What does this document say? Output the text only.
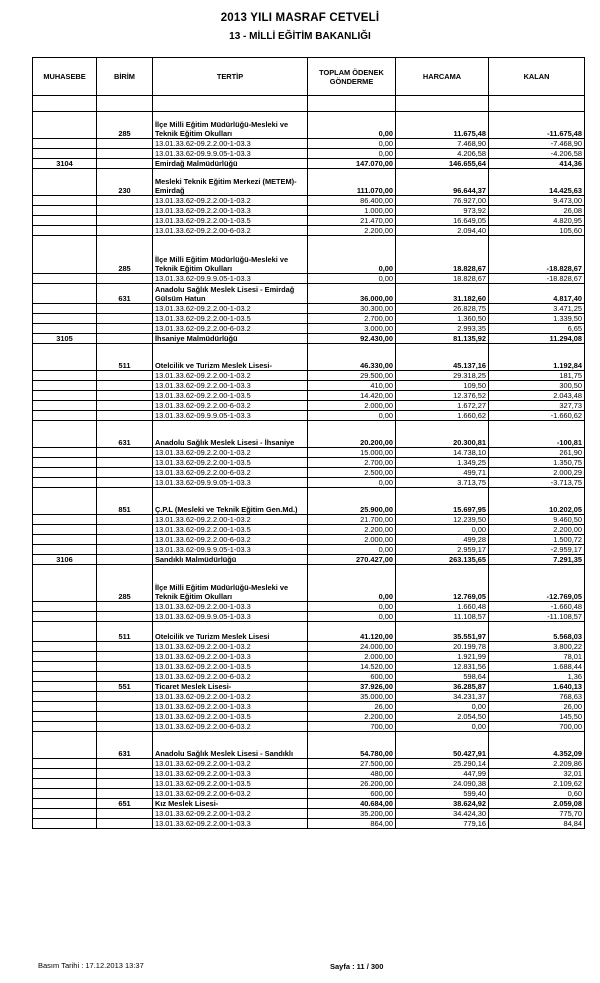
2013 YILI MASRAF CETVELİ
13 - MİLLİ EĞİTİM BAKANLIĞI
MUHASEBE	BİRİM	TERTİP	TOPLAM ÖDENEK GÖNDERME	HARCAMA	KALAN

	285	İlçe Milli Eğitim Müdürlüğü-Mesleki ve Teknik Eğitim Okulları	0,00	11.675,48	-11.675,48
		13.01.33.62-09.2.2.00-1-03.3	0,00	7.468,90	-7.468,90
		13.01.33.62-09.9.9.05-1-03.3	0,00	4.206,58	-4.206,58
3104		Emirdağ Malmüdürlüğü	147.070,00	146.655,64	414,36
	230	Mesleki Teknik Eğitim Merkezi (METEM)-Emirdağ	111.070,00	96.644,37	14.425,63
		13.01.33.62-09.2.2.00-1-03.2	86.400,00	76.927,00	9.473,00
		13.01.33.62-09.2.2.00-1-03.3	1.000,00	973,92	26,08
		13.01.33.62-09.2.2.00-1-03.5	21.470,00	16.649,05	4.820,95
		13.01.33.62-09.2.2.00-6-03.2	2.200,00	2.094,40	105,60
	285	İlçe Milli Eğitim Müdürlüğü-Mesleki ve Teknik Eğitim Okulları	0,00	18.828,67	-18.828,67
		13.01.33.62-09.9.9.05-1-03.3	0,00	18.828,67	-18.828,67
	631	Anadolu Sağlık Meslek Lisesi - Emirdağ Gülsüm Hatun	36.000,00	31.182,60	4.817,40
		13.01.33.62-09.2.2.00-1-03.2	30.300,00	26.828,75	3.471,25
		13.01.33.62-09.2.2.00-1-03.5	2.700,00	1.360,50	1.339,50
		13.01.33.62-09.2.2.00-6-03.2	3.000,00	2.993,35	6,65
3105		İhsaniye Malmüdürlüğü	92.430,00	81.135,92	11.294,08
	511	Otelcilik ve Turizm Meslek Lisesi-	46.330,00	45.137,16	1.192,84
		13.01.33.62-09.2.2.00-1-03.2	29.500,00	29.318,25	181,75
		13.01.33.62-09.2.2.00-1-03.3	410,00	109,50	300,50
		13.01.33.62-09.2.2.00-1-03.5	14.420,00	12.376,52	2.043,48
		13.01.33.62-09.2.2.00-6-03.2	2.000,00	1.672,27	327,73
		13.01.33.62-09.9.9.05-1-03.3	0,00	1.660,62	-1.660,62
	631	Anadolu Sağlık Meslek Lisesi - İhsaniye	20.200,00	20.300,81	-100,81
		13.01.33.62-09.2.2.00-1-03.2	15.000,00	14.738,10	261,90
		13.01.33.62-09.2.2.00-1-03.5	2.700,00	1.349,25	1.350,75
		13.01.33.62-09.2.2.00-6-03.2	2.500,00	499,71	2.000,29
		13.01.33.62-09.9.9.05-1-03.3	0,00	3.713,75	-3.713,75
	851	Ç.P.L (Mesleki ve Teknik Eğitim Gen.Md.)	25.900,00	15.697,95	10.202,05
		13.01.33.62-09.2.2.00-1-03.2	21.700,00	12.239,50	9.460,50
		13.01.33.62-09.2.2.00-1-03.5	2.200,00	0,00	2.200,00
		13.01.33.62-09.2.2.00-6-03.2	2.000,00	499,28	1.500,72
		13.01.33.62-09.9.9.05-1-03.3	0,00	2.959,17	-2.959,17
3106		Sandıklı Malmüdürlüğü	270.427,00	263.135,65	7.291,35
	285	İlçe Milli Eğitim Müdürlüğü-Mesleki ve Teknik Eğitim Okulları	0,00	12.769,05	-12.769,05
		13.01.33.62-09.2.2.00-1-03.3	0,00	1.660,48	-1.660,48
		13.01.33.62-09.9.9.05-1-03.3	0,00	11.108,57	-11.108,57
	511	Otelcilik ve Turizm Meslek Lisesi	41.120,00	35.551,97	5.568,03
		13.01.33.62-09.2.2.00-1-03.2	24.000,00	20.199,78	3.800,22
		13.01.33.62-09.2.2.00-1-03.3	2.000,00	1.921,99	78,01
		13.01.33.62-09.2.2.00-1-03.5	14.520,00	12.831,56	1.688,44
		13.01.33.62-09.2.2.00-6-03.2	600,00	598,64	1,36
	551	Ticaret Meslek Lisesi-	37.926,00	36.285,87	1.640,13
		13.01.33.62-09.2.2.00-1-03.2	35.000,00	34.231,37	768,63
		13.01.33.62-09.2.2.00-1-03.3	26,00	0,00	26,00
		13.01.33.62-09.2.2.00-1-03.5	2.200,00	2.054,50	145,50
		13.01.33.62-09.2.2.00-6-03.2	700,00	0,00	700,00
	631	Anadolu Sağlık Meslek Lisesi - Sandıklı	54.780,00	50.427,91	4.352,09
		13.01.33.62-09.2.2.00-1-03.2	27.500,00	25.290,14	2.209,86
		13.01.33.62-09.2.2.00-1-03.3	480,00	447,99	32,01
		13.01.33.62-09.2.2.00-1-03.5	26.200,00	24.090,38	2.109,62
		13.01.33.62-09.2.2.00-6-03.2	600,00	599,40	0,60
	651	Kız Meslek Lisesi-	40.684,00	38.624,92	2.059,08
		13.01.33.62-09.2.2.00-1-03.2	35.200,00	34.424,30	775,70
		13.01.33.62-09.2.2.00-1-03.3	864,00	779,16	84,84
Basım Tarihi : 17.12.2013 13:37	Sayfa : 11 / 300
